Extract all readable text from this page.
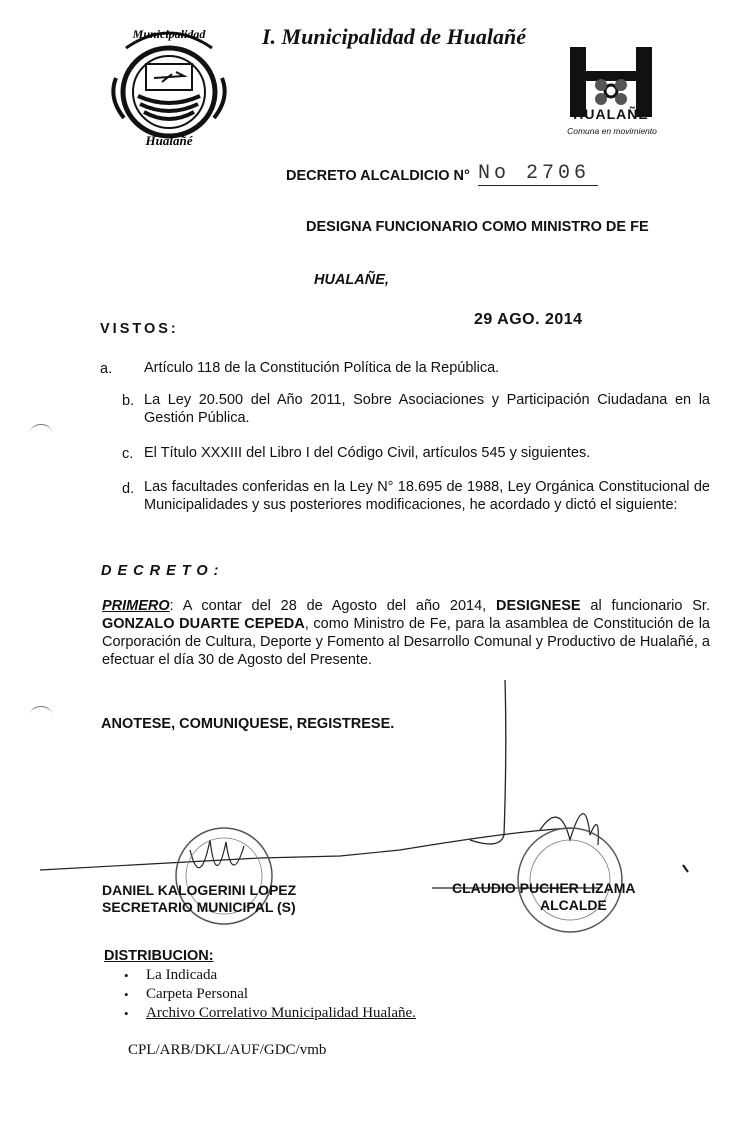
Municipalidad
Hualañé
I. Municipalidad de Hualañé
HUALAÑE
Comuna en movimiento
DECRETO ALCALDICIO N° No 2706
DESIGNA FUNCIONARIO COMO MINISTRO DE FE
HUALAÑE,
29 AGO. 2014
VISTOS:
a. Artículo 118 de la Constitución Política de la República.
b. La Ley 20.500 del Año 2011, Sobre Asociaciones y Participación Ciudadana en la Gestión Pública.
c. El Título XXXIII del Libro I del Código Civil, artículos 545 y siguientes.
d. Las facultades conferidas en la Ley N° 18.695 de 1988, Ley Orgánica Constitucional de Municipalidades y sus posteriores modificaciones, he acordado y dictó el siguiente:
DECRETO:
PRIMERO: A contar del 28 de Agosto del año 2014, DESIGNESE al funcionario Sr. GONZALO DUARTE CEPEDA, como Ministro de Fe, para la asamblea de Constitución de la Corporación de Cultura, Deporte y Fomento al Desarrollo Comunal y Productivo de Hualañé, a efectuar el día 30 de Agosto del Presente.
ANOTESE, COMUNIQUESE, REGISTRESE.
DANIEL KALOGERINI LOPEZ
SECRETARIO MUNICIPAL (S)
CLAUDIO PUCHER LIZAMA
ALCALDE
DISTRIBUCION:
• La Indicada
• Carpeta Personal
• Archivo Correlativo Municipalidad Hualañe.
CPL/ARB/DKL/AUF/GDC/vmb
